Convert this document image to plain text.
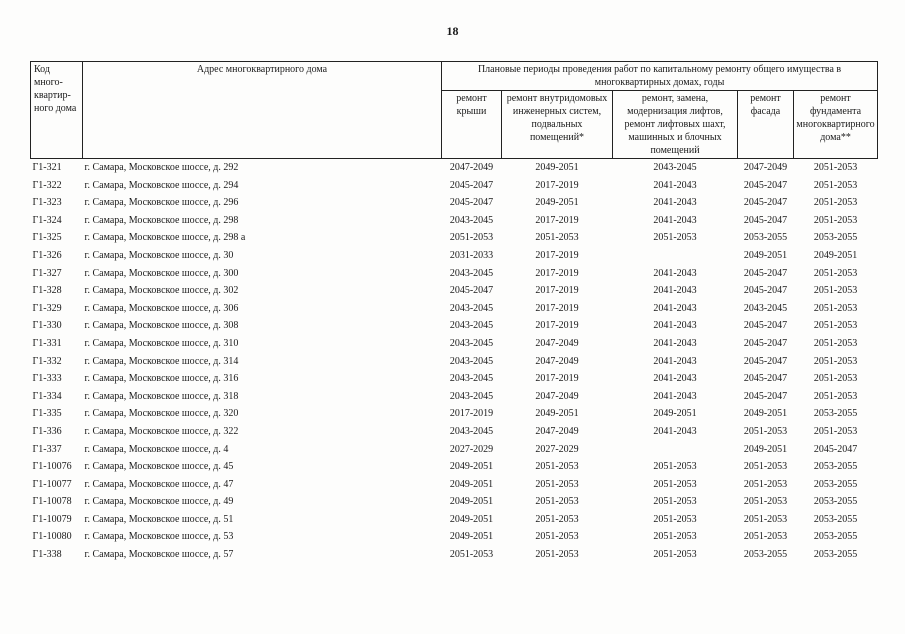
18
Код много-
квартир-
ного дома	Адрес многоквартирного дома	Плановые периоды проведения работ по капитальному ремонту общего имущества в многоквартирных домах, годы				
		ремонт крыши	ремонт внутридомовых инженерных систем, подвальных помещений*	ремонт, замена, модернизация лифтов, ремонт лифтовых шахт, машинных и блочных помещений	ремонт фасада	ремонт фундамента многоквартирного дома**
Г1-321	г. Самара, Московское шоссе, д. 292	2047-2049	2049-2051	2043-2045	2047-2049	2051-2053
Г1-322	г. Самара, Московское шоссе, д. 294	2045-2047	2017-2019	2041-2043	2045-2047	2051-2053
Г1-323	г. Самара, Московское шоссе, д. 296	2045-2047	2049-2051	2041-2043	2045-2047	2051-2053
Г1-324	г. Самара, Московское шоссе, д. 298	2043-2045	2017-2019	2041-2043	2045-2047	2051-2053
Г1-325	г. Самара, Московское шоссе, д. 298 а	2051-2053	2051-2053	2051-2053	2053-2055	2053-2055
Г1-326	г. Самара, Московское шоссе, д. 30	2031-2033	2017-2019		2049-2051	2049-2051
Г1-327	г. Самара, Московское шоссе, д. 300	2043-2045	2017-2019	2041-2043	2045-2047	2051-2053
Г1-328	г. Самара, Московское шоссе, д. 302	2045-2047	2017-2019	2041-2043	2045-2047	2051-2053
Г1-329	г. Самара, Московское шоссе, д. 306	2043-2045	2017-2019	2041-2043	2043-2045	2051-2053
Г1-330	г. Самара, Московское шоссе, д. 308	2043-2045	2017-2019	2041-2043	2045-2047	2051-2053
Г1-331	г. Самара, Московское шоссе, д. 310	2043-2045	2047-2049	2041-2043	2045-2047	2051-2053
Г1-332	г. Самара, Московское шоссе, д. 314	2043-2045	2047-2049	2041-2043	2045-2047	2051-2053
Г1-333	г. Самара, Московское шоссе, д. 316	2043-2045	2017-2019	2041-2043	2045-2047	2051-2053
Г1-334	г. Самара, Московское шоссе, д. 318	2043-2045	2047-2049	2041-2043	2045-2047	2051-2053
Г1-335	г. Самара, Московское шоссе, д. 320	2017-2019	2049-2051	2049-2051	2049-2051	2053-2055
Г1-336	г. Самара, Московское шоссе, д. 322	2043-2045	2047-2049	2041-2043	2051-2053	2051-2053
Г1-337	г. Самара, Московское шоссе, д. 4	2027-2029	2027-2029		2049-2051	2045-2047
Г1-10076	г. Самара, Московское шоссе, д. 45	2049-2051	2051-2053	2051-2053	2051-2053	2053-2055
Г1-10077	г. Самара, Московское шоссе, д. 47	2049-2051	2051-2053	2051-2053	2051-2053	2053-2055
Г1-10078	г. Самара, Московское шоссе, д. 49	2049-2051	2051-2053	2051-2053	2051-2053	2053-2055
Г1-10079	г. Самара, Московское шоссе, д. 51	2049-2051	2051-2053	2051-2053	2051-2053	2053-2055
Г1-10080	г. Самара, Московское шоссе, д. 53	2049-2051	2051-2053	2051-2053	2051-2053	2053-2055
Г1-338	г. Самара, Московское шоссе, д. 57	2051-2053	2051-2053	2051-2053	2053-2055	2053-2055
